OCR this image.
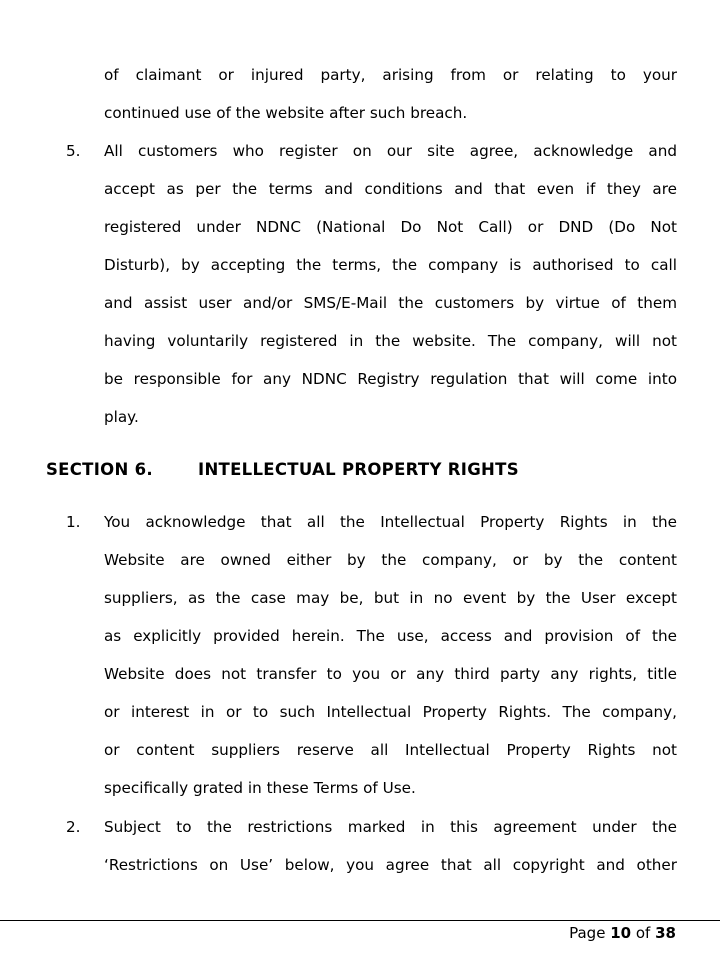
of claimant or injured party, arising from or relating to your
continued use of the website after such breach.
5. All customers who register on our site agree, acknowledge and
accept as per the terms and conditions and that even if they are
registered under NDNC (National Do Not Call) or DND (Do Not
Disturb), by accepting the terms, the company is authorised to call
and assist user and/or SMS/E-Mail the customers by virtue of them
having voluntarily registered in the website. The company, will not
be responsible for any NDNC Registry regulation that will come into
play.
SECTION 6.	INTELLECTUAL PROPERTY RIGHTS
1. You acknowledge that all the Intellectual Property Rights in the
Website are owned either by the company, or by the content
suppliers, as the case may be, but in no event by the User except
as explicitly provided herein. The use, access and provision of the
Website does not transfer to you or any third party any rights, title
or interest in or to such Intellectual Property Rights. The company,
or content suppliers reserve all Intellectual Property Rights not
specifically grated in these Terms of Use.
2. Subject to the restrictions marked in this agreement under the
‘Restrictions on Use’ below, you agree that all copyright and other
Page 10 of 38
